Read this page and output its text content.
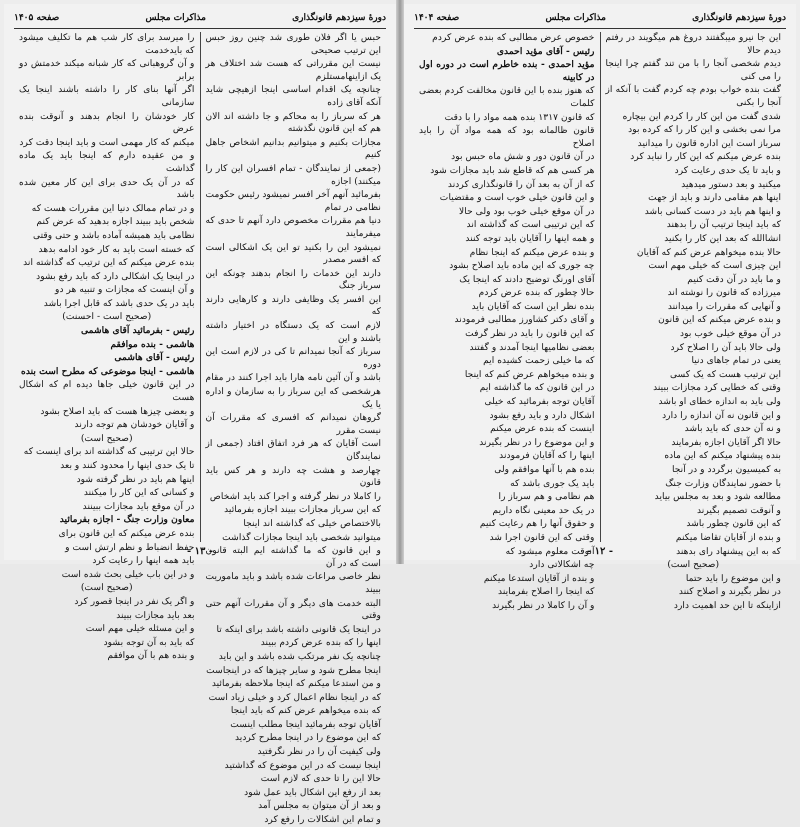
دورهٔ سیزدهم قانونگذاری
مذاکرات مجلس
صفحه ۱۴۰۵

حبس یا اگر فلان طوری شد چنین روز حبس این ترتیب صحیحی

نیست این مقرراتی که هست شد اختلاف هر یک ازاینهامستلزم

چنانچه یک اقدام اساسی اینجا ازهیچی شاید آنکه آقای زاده

هر که سرباز را به محاکم و جا داشته اند الان هم که این قانون نگذشته

مجازات بکنیم و میتوانیم بدانیم اشخاص جاهل کنیم

(جمعی از نمایندگان - تمام افسران این کار را میکنند) اجازه

بفرمائید آنهم آخر افسر نمیشود رئیس حکومت نظامی در تمام

دنیا هم مقررات مخصوص دارد آنهم تا حدی که میفرمایند

نمیشود این را بکنید تو این یک اشکالی است که افسر مصدر

دارند این خدمات را انجام بدهند چونکه این سرباز جنگ

این افسر یک وظایفی دارند و کارهایی دارند که

لازم است که یک دستگاه در اختیار داشته باشند و این

سرباز که آنجا نمیدانم تا کی در لازم است این دوره

باشد و آن آئین نامه هارا باید اجرا کنند در مقام

هرشخصی که این سرباز را به سازمان و اداره یا یک

گروهان نمیدانم که افسری که مقررات آن نیست مقرر

است آقایان که هر فرد اتفاق افتاد (جمعی از نمایندگان

چهارصد و هشت چه دارند و هر کس باید قانون

را کاملا در نظر گرفته و اجرا کند باید اشخاص

که این سرباز مجازات ببیند اجازه بفرمائید

بالاختصاص خیلی که گذاشته اند اینجا

میتوانید شخصی باید اینجا مجازات گذاشت

و این قانون که ما گذاشته ایم البته قانون است که در آن

نظر خاصی مراعات شده باشد و باید ماموریت ببیند

البته خدمت های دیگر و آن مقررات آنهم حتی وقتی

در اینجا یک قانونی داشته باشد برای اینکه تا

اینها را که بنده عرض کردم ببیند

چنانچه یک نفر مرتکب شده باشد و این باید

اینجا مطرح شود و سایر چیزها که در اینجاست

و من استدعا میکنم که اینجا ملاحظه بفرمائید

که در اینجا نظام اعمال کرد و خیلی زیاد است

که بنده میخواهم عرض کنم که باید اینجا

آقایان توجه بفرمائید اینجا مطلب اینست

که این موضوع را در اینجا مطرح کردید

ولی کیفیت آن را در نظر نگرفتید

اینجا نیست که در این موضوع که گذاشتید

حالا این را تا حدی که لازم است

بعد از رفع این اشکال باید عمل شود

و بعد از آن میتوان به مجلس آمد

و تمام این اشکالات را رفع کرد

را میرسد برای کار شب هم ما تکلیف میشود که بایدخدمت

و آن گروهبانی که کار شبانه میکند خدمتش دو برابر

اگر آنها بنای کار را داشته باشند اینجا یک سازمانی

کار خودشان را انجام بدهند و آنوقت بنده عرض

میکنم که کار مهمی است و باید اینجا دقت کرد

و من عقیده دارم که اینجا باید یک ماده گذاشت

که در آن یک حدی برای این کار معین شده باشد

و در تمام ممالک دنیا این مقررات هست که

شخص باید ببیند اجازه بدهید که عرض کنم

نظامی باید همیشه آماده باشد و حتی وقتی

که خسته است باید به کار خود ادامه بدهد

بنده عرض میکنم که این ترتیب که گذاشته اند

در اینجا یک اشکالی دارد که باید رفع بشود

و آن اینست که مجازات و تنبیه هر دو

باید در یک حدی باشد که قابل اجرا باشد

(صحیح است - احسنت)

رئیس - بفرمائید آقای هاشمی

هاشمی - بنده موافقم

رئیس - آقای هاشمی

هاشمی - اینجا موضوعی که مطرح است بنده

در این قانون خیلی جاها دیده ام که اشکال هست

و بعضی چیزها هست که باید اصلاح بشود

و آقایان خودشان هم توجه دارند

(صحیح است)

حالا این ترتیبی که گذاشته اند برای اینست که

تا یک حدی اینها را محدود کنند و بعد

اینها هم باید در نظر گرفته شود

و کسانی که این کار را میکنند

در آن موقع باید مجازات ببینند

معاون وزارت جنگ - اجازه بفرمائید

بنده عرض میکنم که این قانون برای

حفظ انضباط و نظم ارتش است و

باید همه اینها را رعایت کرد

و در این باب خیلی بحث شده است

(صحیح است)

و اگر یک نفر در اینجا قصور کرد

بعد باید مجازات ببیند

و این مسئله خیلی مهم است

که باید به آن توجه بشود

و بنده هم با آن موافقم

- ۱۳ -
دورهٔ سیزدهم قانونگذاری
مذاکرات مجلس
صفحه ۱۴۰۴

این جا نیرو میبگفتند دروغ هم میگویند در رفتم دیدم حالا

دیدم شخصی آنجا را با من تند گفتم چرا اینجا را می کنی

گفت بنده خواب بودم چه کردم گفت با آنکه از آنجا را بکنی

شدی گفت من این کار را کردم این بیچاره

مرا نمی بخشی و این کار را که کرده بود

سرباز است این اداره قانون را میدانید

بنده عرض میکنم که این کار را نباید کرد

و باید تا یک حدی رعایت کرد

میکنید و بعد دستور میدهید

اینها هم مقامی دارند و باید از جهت

و اینها هم باید در دست کسانی باشد

که باید اینجا ترتیب آن را بدهند

انشاالله که بعد این کار را بکنید

حالا بنده میخواهم عرض کنم که آقایان

این چیزی است که خیلی مهم است

و ما باید در آن دقت کنیم

میرزاده که قانون را نوشته اند

و آنهایی که مقررات را میدانند

و بنده عرض میکنم که این قانون

در آن موقع خیلی خوب بود

ولی حالا باید آن را اصلاح کرد

یعنی در تمام جاهای دنیا

این ترتیب هست که یک کسی

وقتی که خطایی کرد مجازات ببیند

ولی باید به اندازه خطای او باشد

و این قانون نه آن اندازه را دارد

و نه آن حدی که باید باشد

حالا اگر آقایان اجازه بفرمایند

بنده پیشنهاد میکنم که این ماده

به کمیسیون برگردد و در آنجا

با حضور نمایندگان وزارت جنگ

مطالعه شود و بعد به مجلس بیاید

و آنوقت تصمیم بگیرند

که این قانون چطور باشد

و بنده از آقایان تقاضا میکنم

که به این پیشنهاد رای بدهند

(صحیح است)

و این موضوع را باید حتما

در نظر بگیرند و اصلاح کنند

ازاینکه تا این حد اهمیت دارد

خصوص عرض مطالبی که بنده عرض کردم

رئیس - آقای مؤید احمدی

مؤید احمدی - بنده خاطرم است در دوره اول در کابینه

که هنوز بنده با این قانون مخالفت کردم بعضی کلمات

که قانون ۱۳۱۷ بنده همه مواد را با دقت

قانون ظالمانه بود که همه مواد آن را باید اصلاح

در آن قانون دور و شش ماه حبس بود

هر کسی هم که قاطع شد باید مجازات شود

که از آن به بعد آن را قانونگذاری کردند

و این قانون خیلی خوب است و مقتضیات

در آن موقع خیلی خوب بود ولی حالا

که این ترتیبی است که گذاشته اند

و همه اینها را آقایان باید توجه کنند

و بنده عرض میکنم که اینجا نظام

چه جوری که این ماده باید اصلاح بشود

آقای اورنگ توضیح دادند که اینجا یک

حالا چطور که بنده عرض کردم

بنده نظر این است که آقایان باید

و آقای دکتر کشاورز مطالبی فرمودند

که این قانون را باید در نظر گرفت

بعضی نظامیها اینجا آمدند و گفتند

که ما خیلی زحمت کشیده ایم

و بنده میخواهم عرض کنم که اینجا

در این قانون که ما گذاشته ایم

آقایان توجه بفرمائید که خیلی

اشکال دارد و باید رفع بشود

اینست که بنده عرض میکنم

و این موضوع را در نظر بگیرند

اینها را که آقایان فرمودند

بنده هم با آنها موافقم ولی

باید یک جوری باشد که

هم نظامی و هم سرباز را

در یک حد معینی نگاه داریم

و حقوق آنها را هم رعایت کنیم

وقتی که این قانون اجرا شد

آنوقت معلوم میشود که

چه اشکالاتی دارد

و بنده از آقایان استدعا میکنم

که اینجا را اصلاح بفرمایند

و آن را کاملا در نظر بگیرند

- ۱۲ -
